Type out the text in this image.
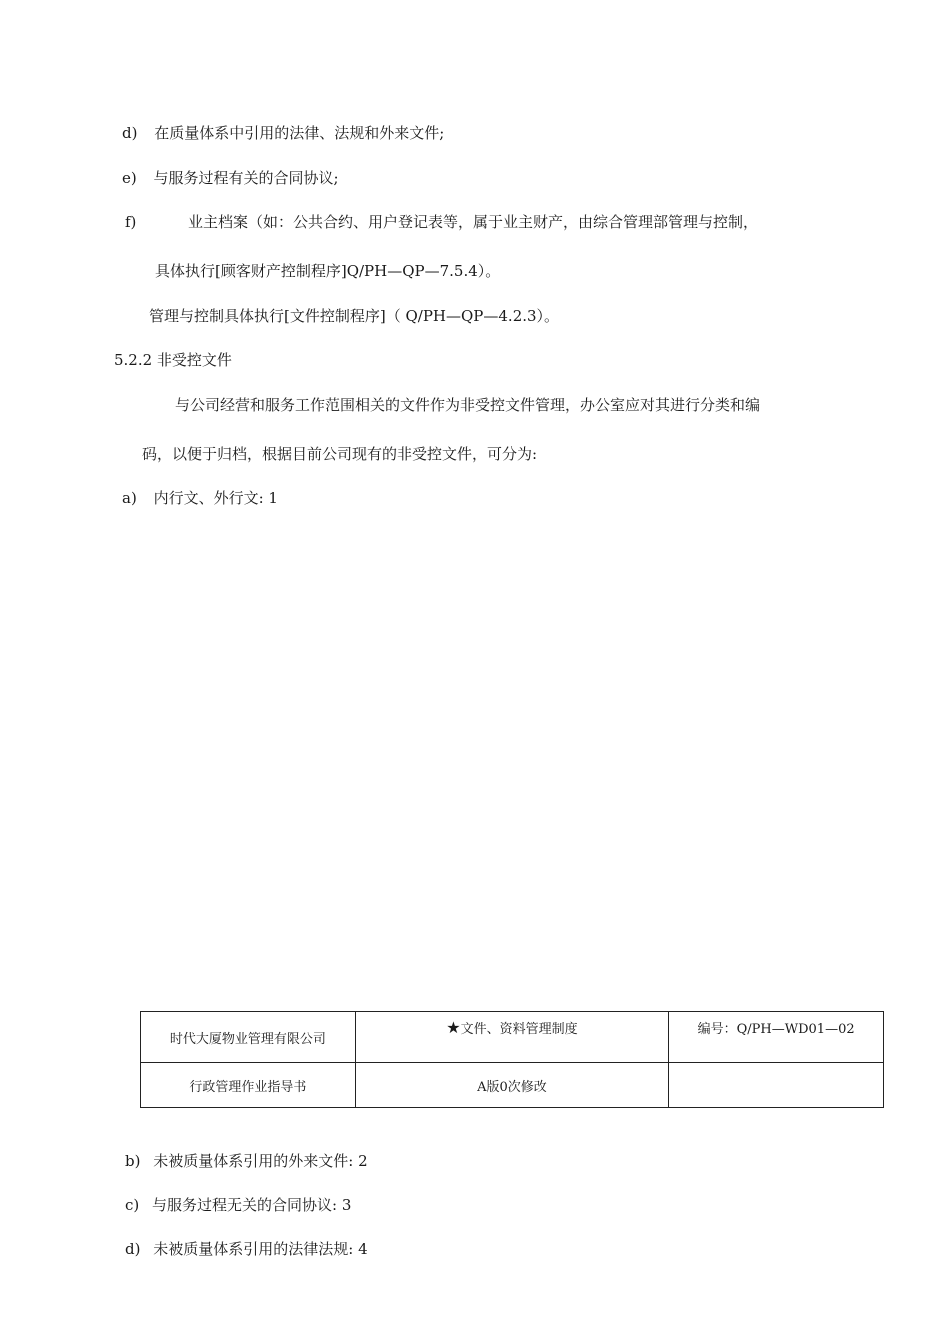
d) 在质量体系中引用的法律、法规和外来文件;
e) 与服务过程有关的合同协议;
f)	业主档案（如：公共合约、用户登记表等，属于业主财产，由综合管理部管理与控制，
具体执行[顾客财产控制程序]Q/PH—QP—7.5.4）。
管理与控制具体执行[文件控制程序]（ Q/PH—QP—4.2.3）。
5.2.2 非受控文件
与公司经营和服务工作范围相关的文件作为非受控文件管理，办公室应对其进行分类和编
码，以便于归档，根据目前公司现有的非受控文件，可分为:
a) 内行文、外行文: 1
时代大厦物业管理有限公司	★文件、资料管理制度	编号：Q/PH—WD01—02
行政管理作业指导书	A版0次修改	
b) 未被质量体系引用的外来文件: 2
c) 与服务过程无关的合同协议: 3
d) 未被质量体系引用的法律法规: 4
